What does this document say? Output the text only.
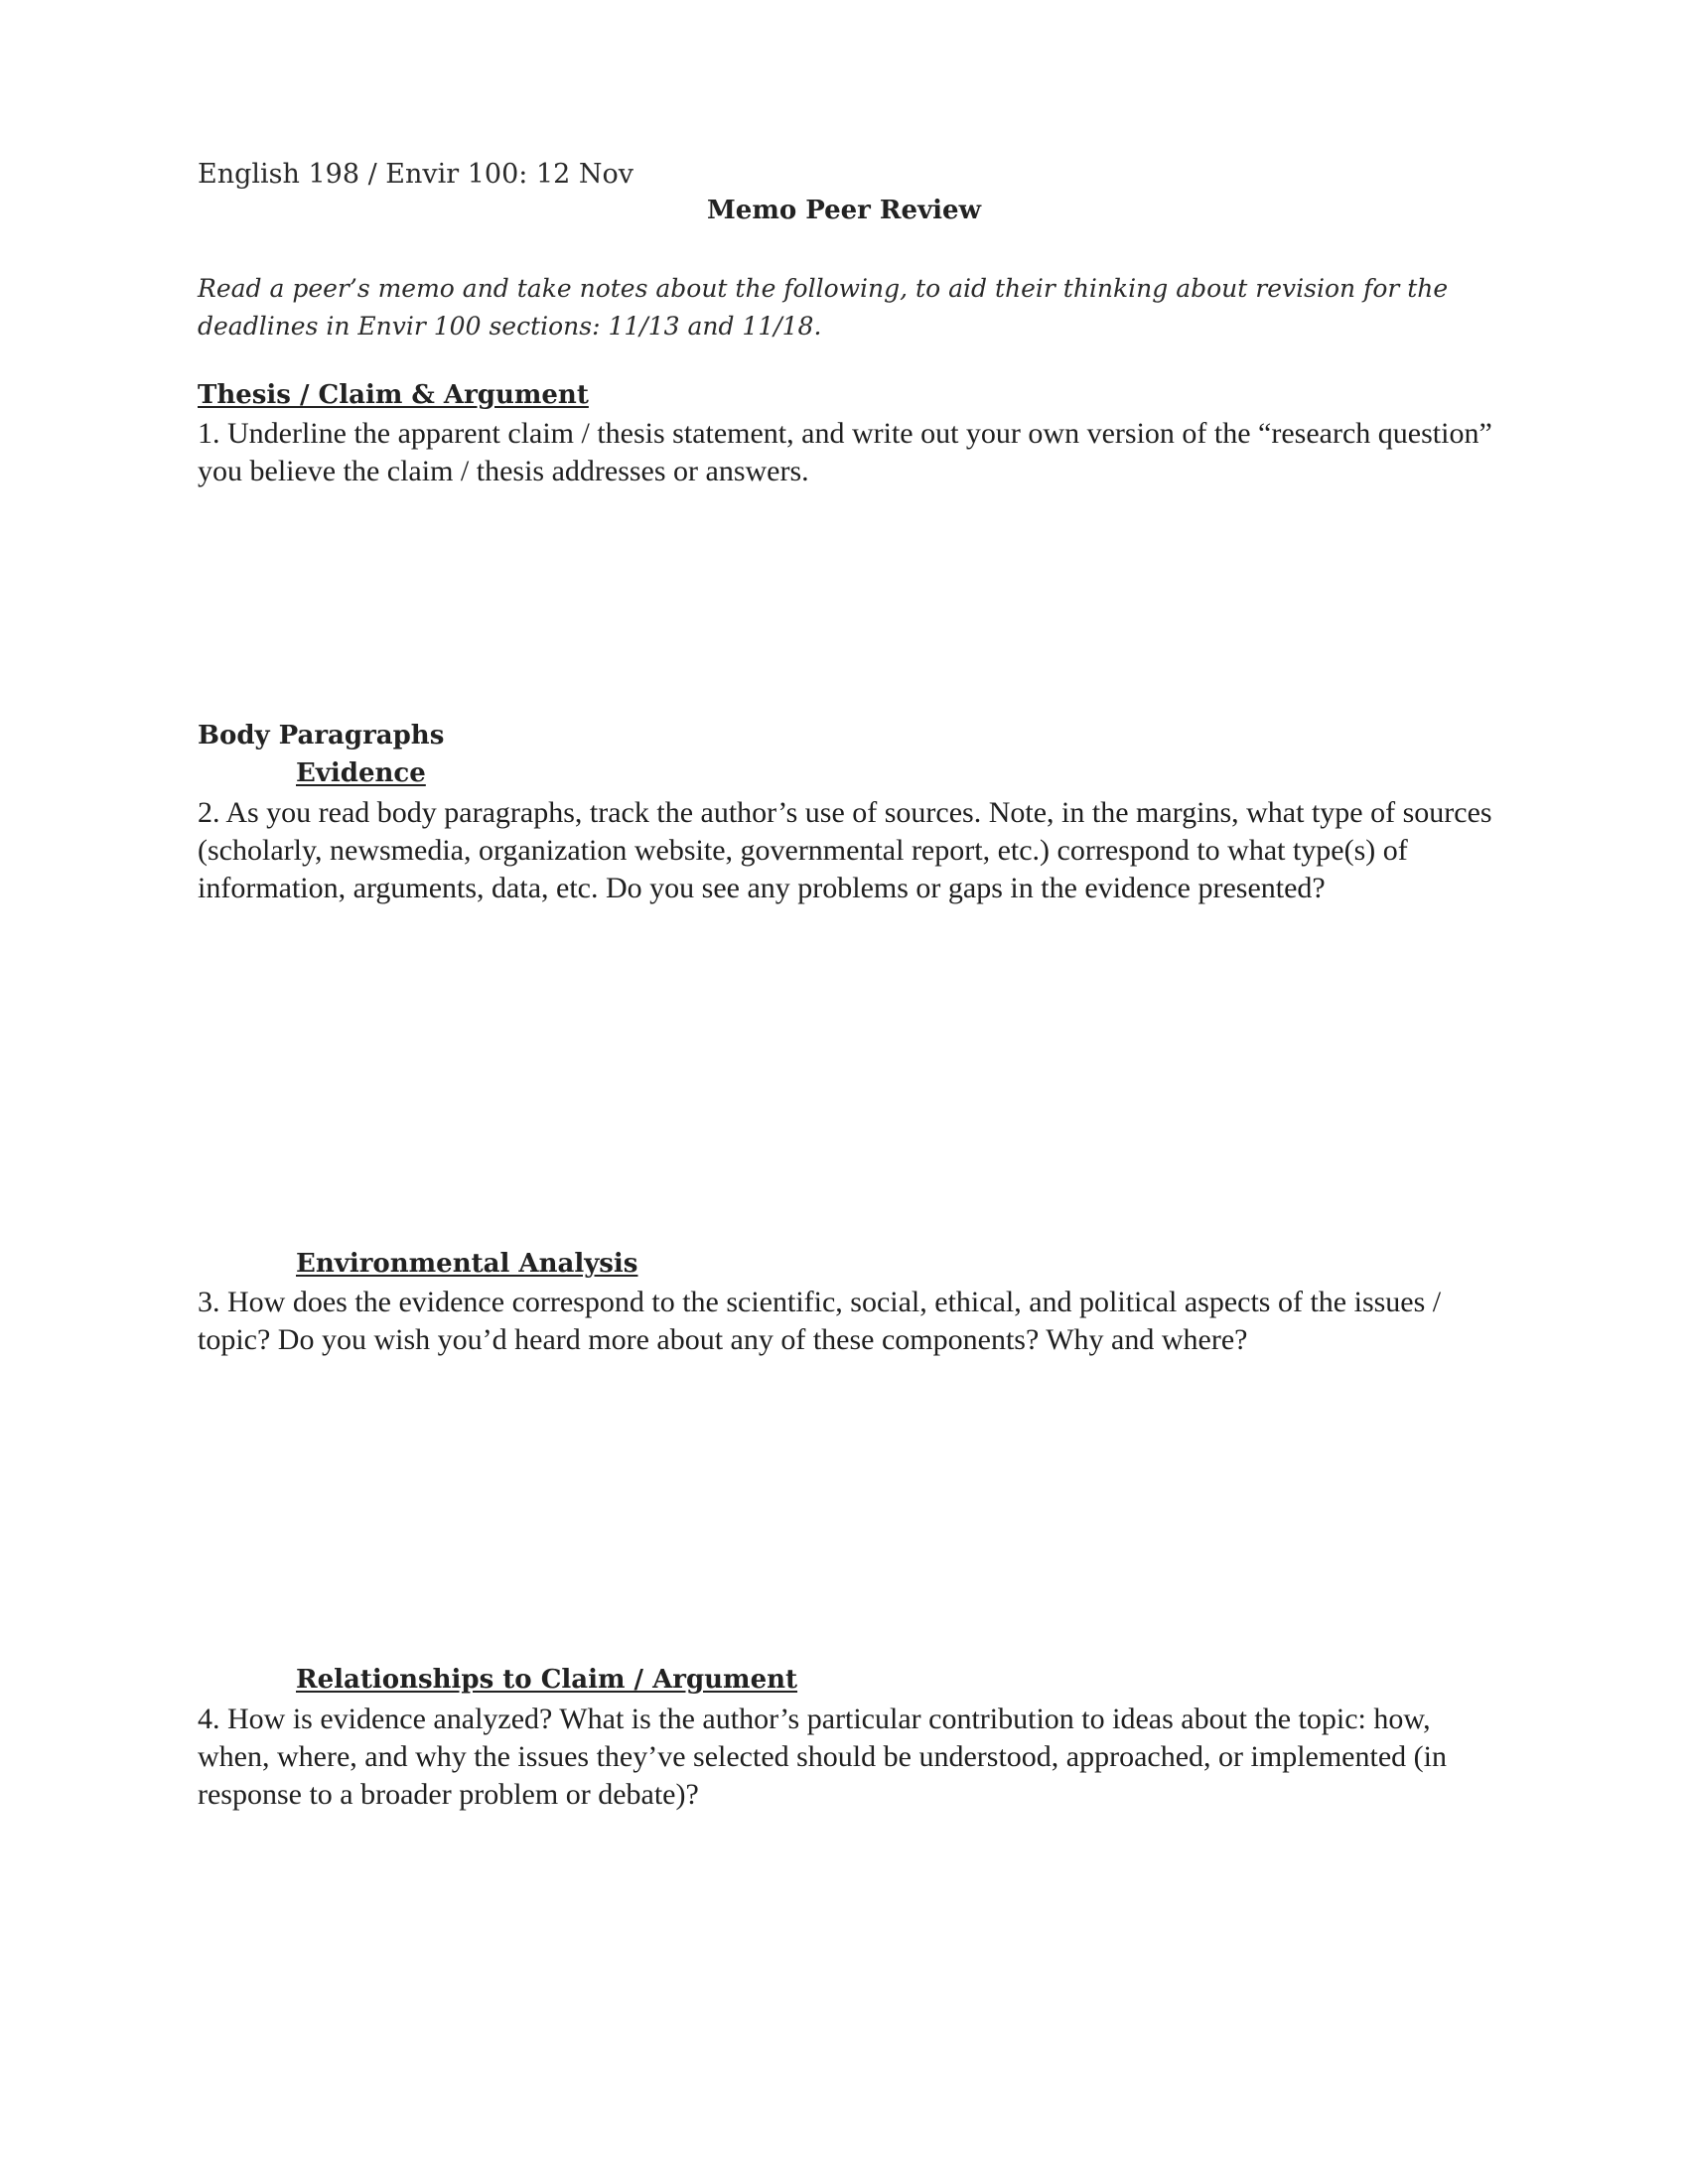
English 198 / Envir 100: 12 Nov
Memo Peer Review
Read a peer’s memo and take notes about the following, to aid their thinking about revision for the deadlines in Envir 100 sections: 11/13 and 11/18.
Thesis / Claim & Argument
1. Underline the apparent claim / thesis statement, and write out your own version of the “research question” you believe the claim / thesis addresses or answers.
Body Paragraphs
Evidence
2. As you read body paragraphs, track the author’s use of sources. Note, in the margins, what type of sources (scholarly, newsmedia, organization website, governmental report, etc.) correspond to what type(s) of information, arguments, data, etc. Do you see any problems or gaps in the evidence presented?
Environmental Analysis
3. How does the evidence correspond to the scientific, social, ethical, and political aspects of the issues / topic? Do you wish you’d heard more about any of these components? Why and where?
Relationships to Claim / Argument
4. How is evidence analyzed? What is the author’s particular contribution to ideas about the topic: how, when, where, and why the issues they’ve selected should be understood, approached, or implemented (in response to a broader problem or debate)?
